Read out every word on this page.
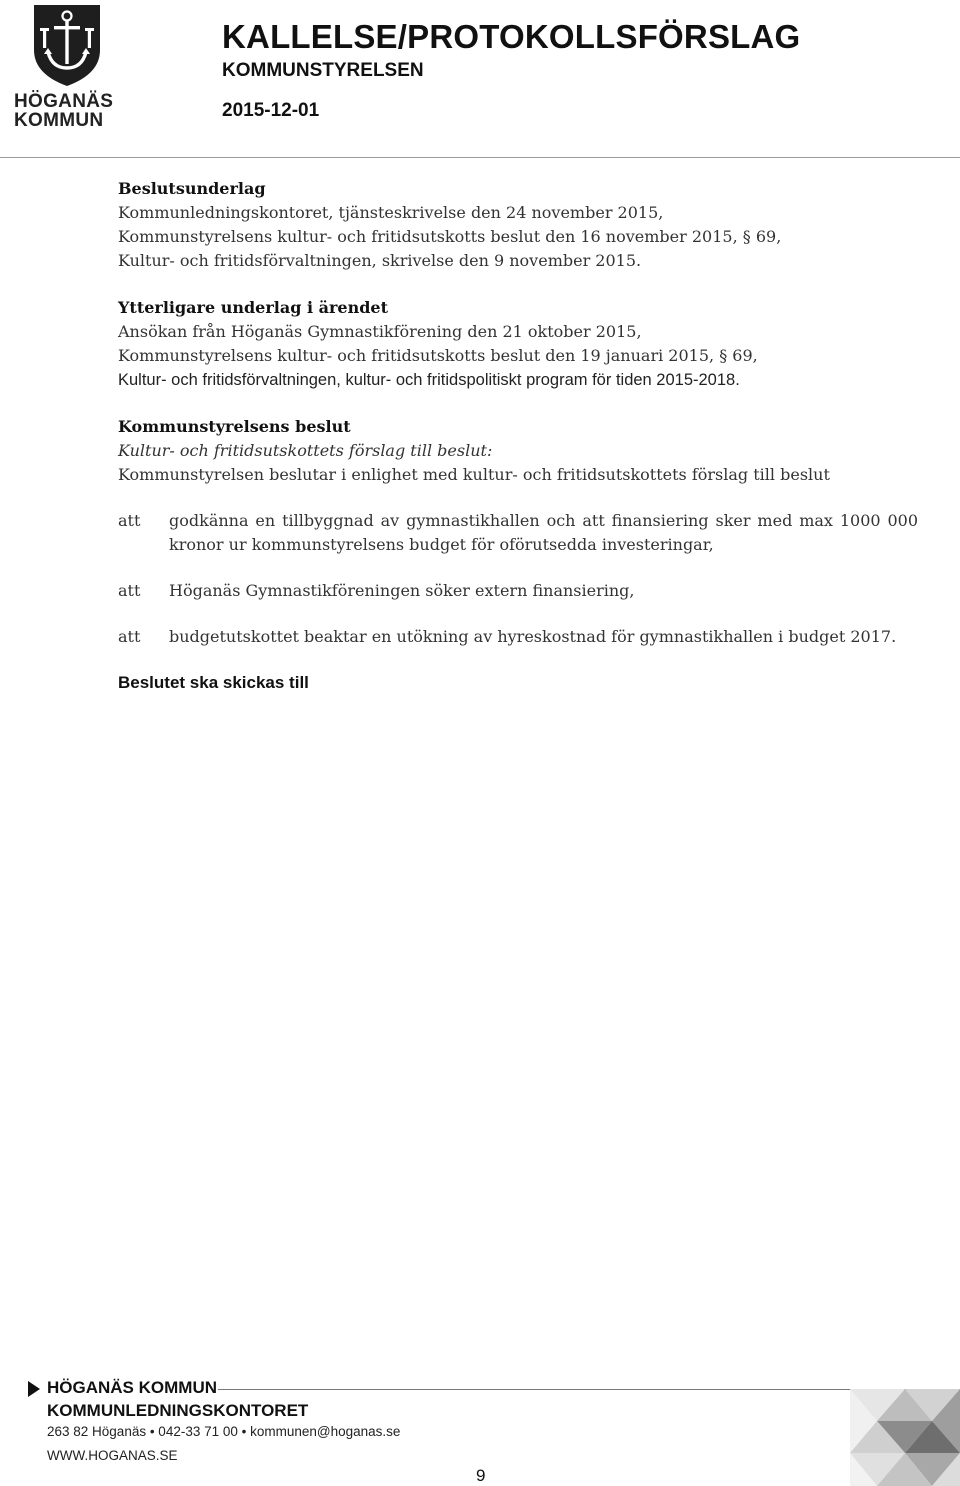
HÖGANÄS
KOMMUN
KALLELSE/PROTOKOLLSFÖRSLAG
KOMMUNSTYRELSEN
2015-12-01

Beslutsunderlag

Kommunledningskontoret, tjänsteskrivelse den 24 november 2015,

Kommunstyrelsens kultur- och fritidsutskotts beslut den 16 november 2015, § 69,

Kultur- och fritidsförvaltningen, skrivelse den 9 november 2015.

Ytterligare underlag i ärendet

Ansökan från Höganäs Gymnastikförening den 21 oktober 2015,

Kommunstyrelsens kultur- och fritidsutskotts beslut den 19 januari 2015, § 69,

Kultur- och fritidsförvaltningen, kultur- och fritidspolitiskt program för tiden 2015-2018.

Kommunstyrelsens beslut

Kultur- och fritidsutskottets förslag till beslut:

Kommunstyrelsen beslutar i enlighet med kultur- och fritidsutskottets förslag till beslut

att	godkänna en tillbyggnad av gymnastikhallen och att finansiering sker med max 1000 000 kronor ur kommunstyrelsens budget för oförutsedda investeringar,
att	Höganäs Gymnastikföreningen söker extern finansiering,
att	budgetutskottet beaktar en utökning av hyreskostnad för gymnastikhallen i budget 2017.

Beslutet ska skickas till

HÖGANÄS KOMMUN
KOMMUNLEDNINGSKONTORET
263 82 Höganäs • 042-33 71 00 • kommunen@hoganas.se
WWW.HOGANAS.SE
9
